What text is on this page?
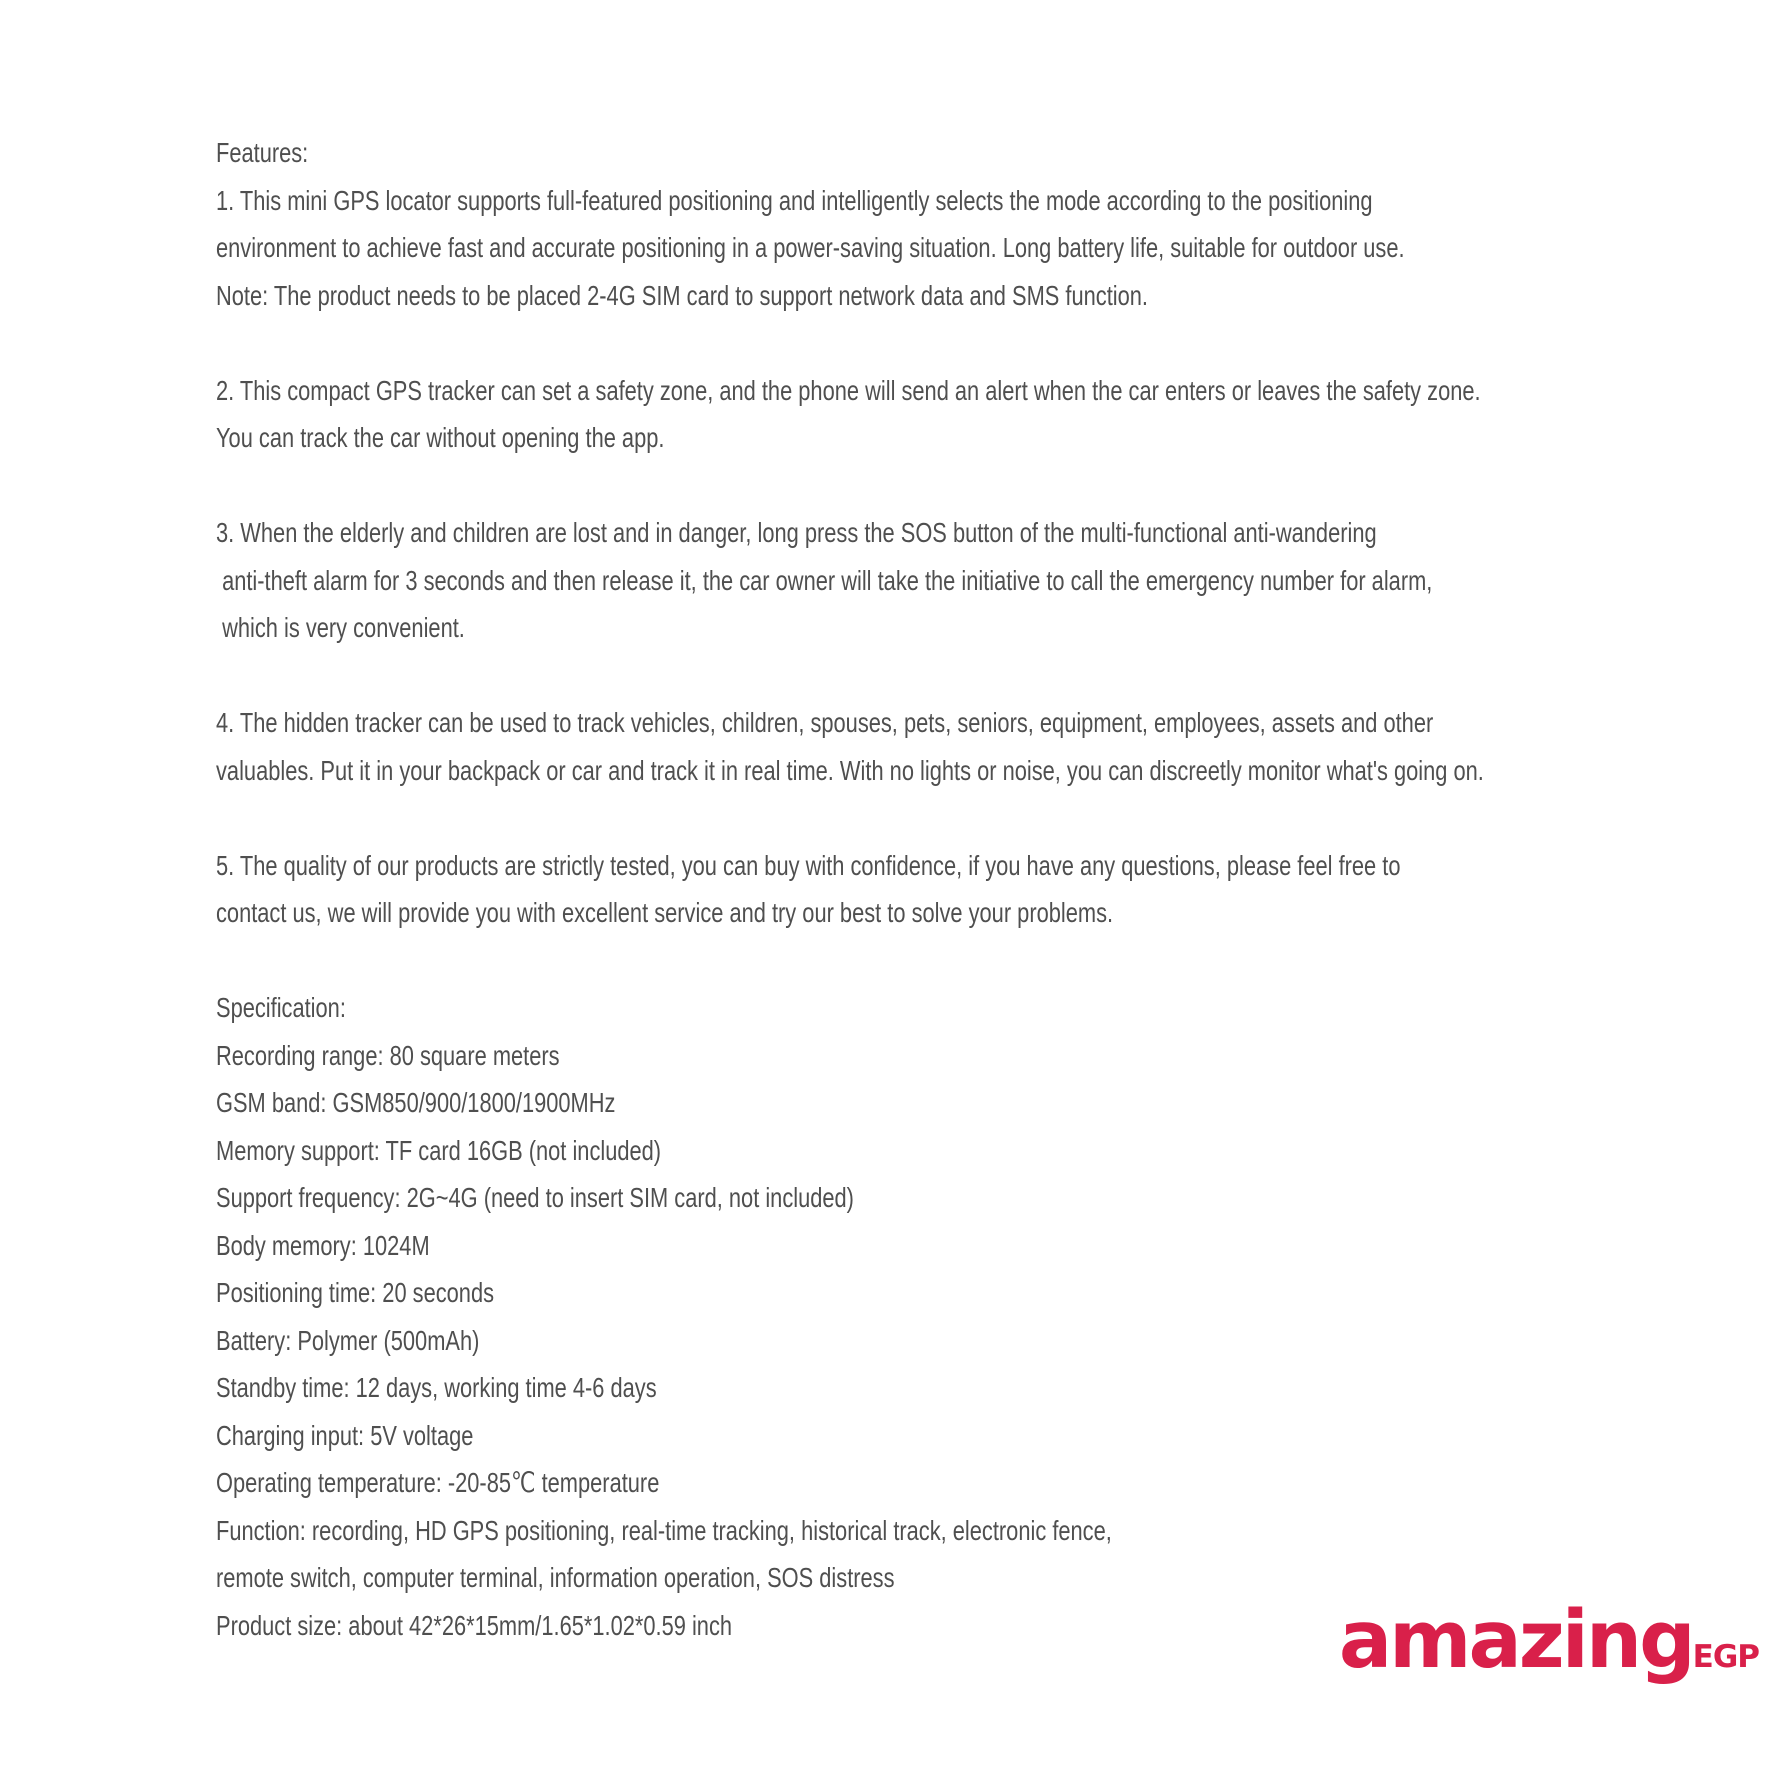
Features:
1. This mini GPS locator supports full-featured positioning and intelligently selects the mode according to the positioning
environment to achieve fast and accurate positioning in a power-saving situation. Long battery life, suitable for outdoor use.
Note: The product needs to be placed 2-4G SIM card to support network data and SMS function.
2. This compact GPS tracker can set a safety zone, and the phone will send an alert when the car enters or leaves the safety zone.
You can track the car without opening the app.
3. When the elderly and children are lost and in danger, long press the SOS button of the multi-functional anti-wandering
anti-theft alarm for 3 seconds and then release it, the car owner will take the initiative to call the emergency number for alarm,
which is very convenient.
4. The hidden tracker can be used to track vehicles, children, spouses, pets, seniors, equipment, employees, assets and other
valuables. Put it in your backpack or car and track it in real time. With no lights or noise, you can discreetly monitor what's going on.
5. The quality of our products are strictly tested, you can buy with confidence, if you have any questions, please feel free to
contact us, we will provide you with excellent service and try our best to solve your problems.
Specification:
Recording range: 80 square meters
GSM band: GSM850/900/1800/1900MHz
Memory support: TF card 16GB (not included)
Support frequency: 2G~4G (need to insert SIM card, not included)
Body memory: 1024M
Positioning time: 20 seconds
Battery: Polymer (500mAh)
Standby time: 12 days, working time 4-6 days
Charging input: 5V voltage
Operating temperature: -20-85℃ temperature
Function: recording, HD GPS positioning, real-time tracking, historical track, electronic fence,
remote switch, computer terminal, information operation, SOS distress
Product size: about 42*26*15mm/1.65*1.02*0.59 inch	amazing EGP
